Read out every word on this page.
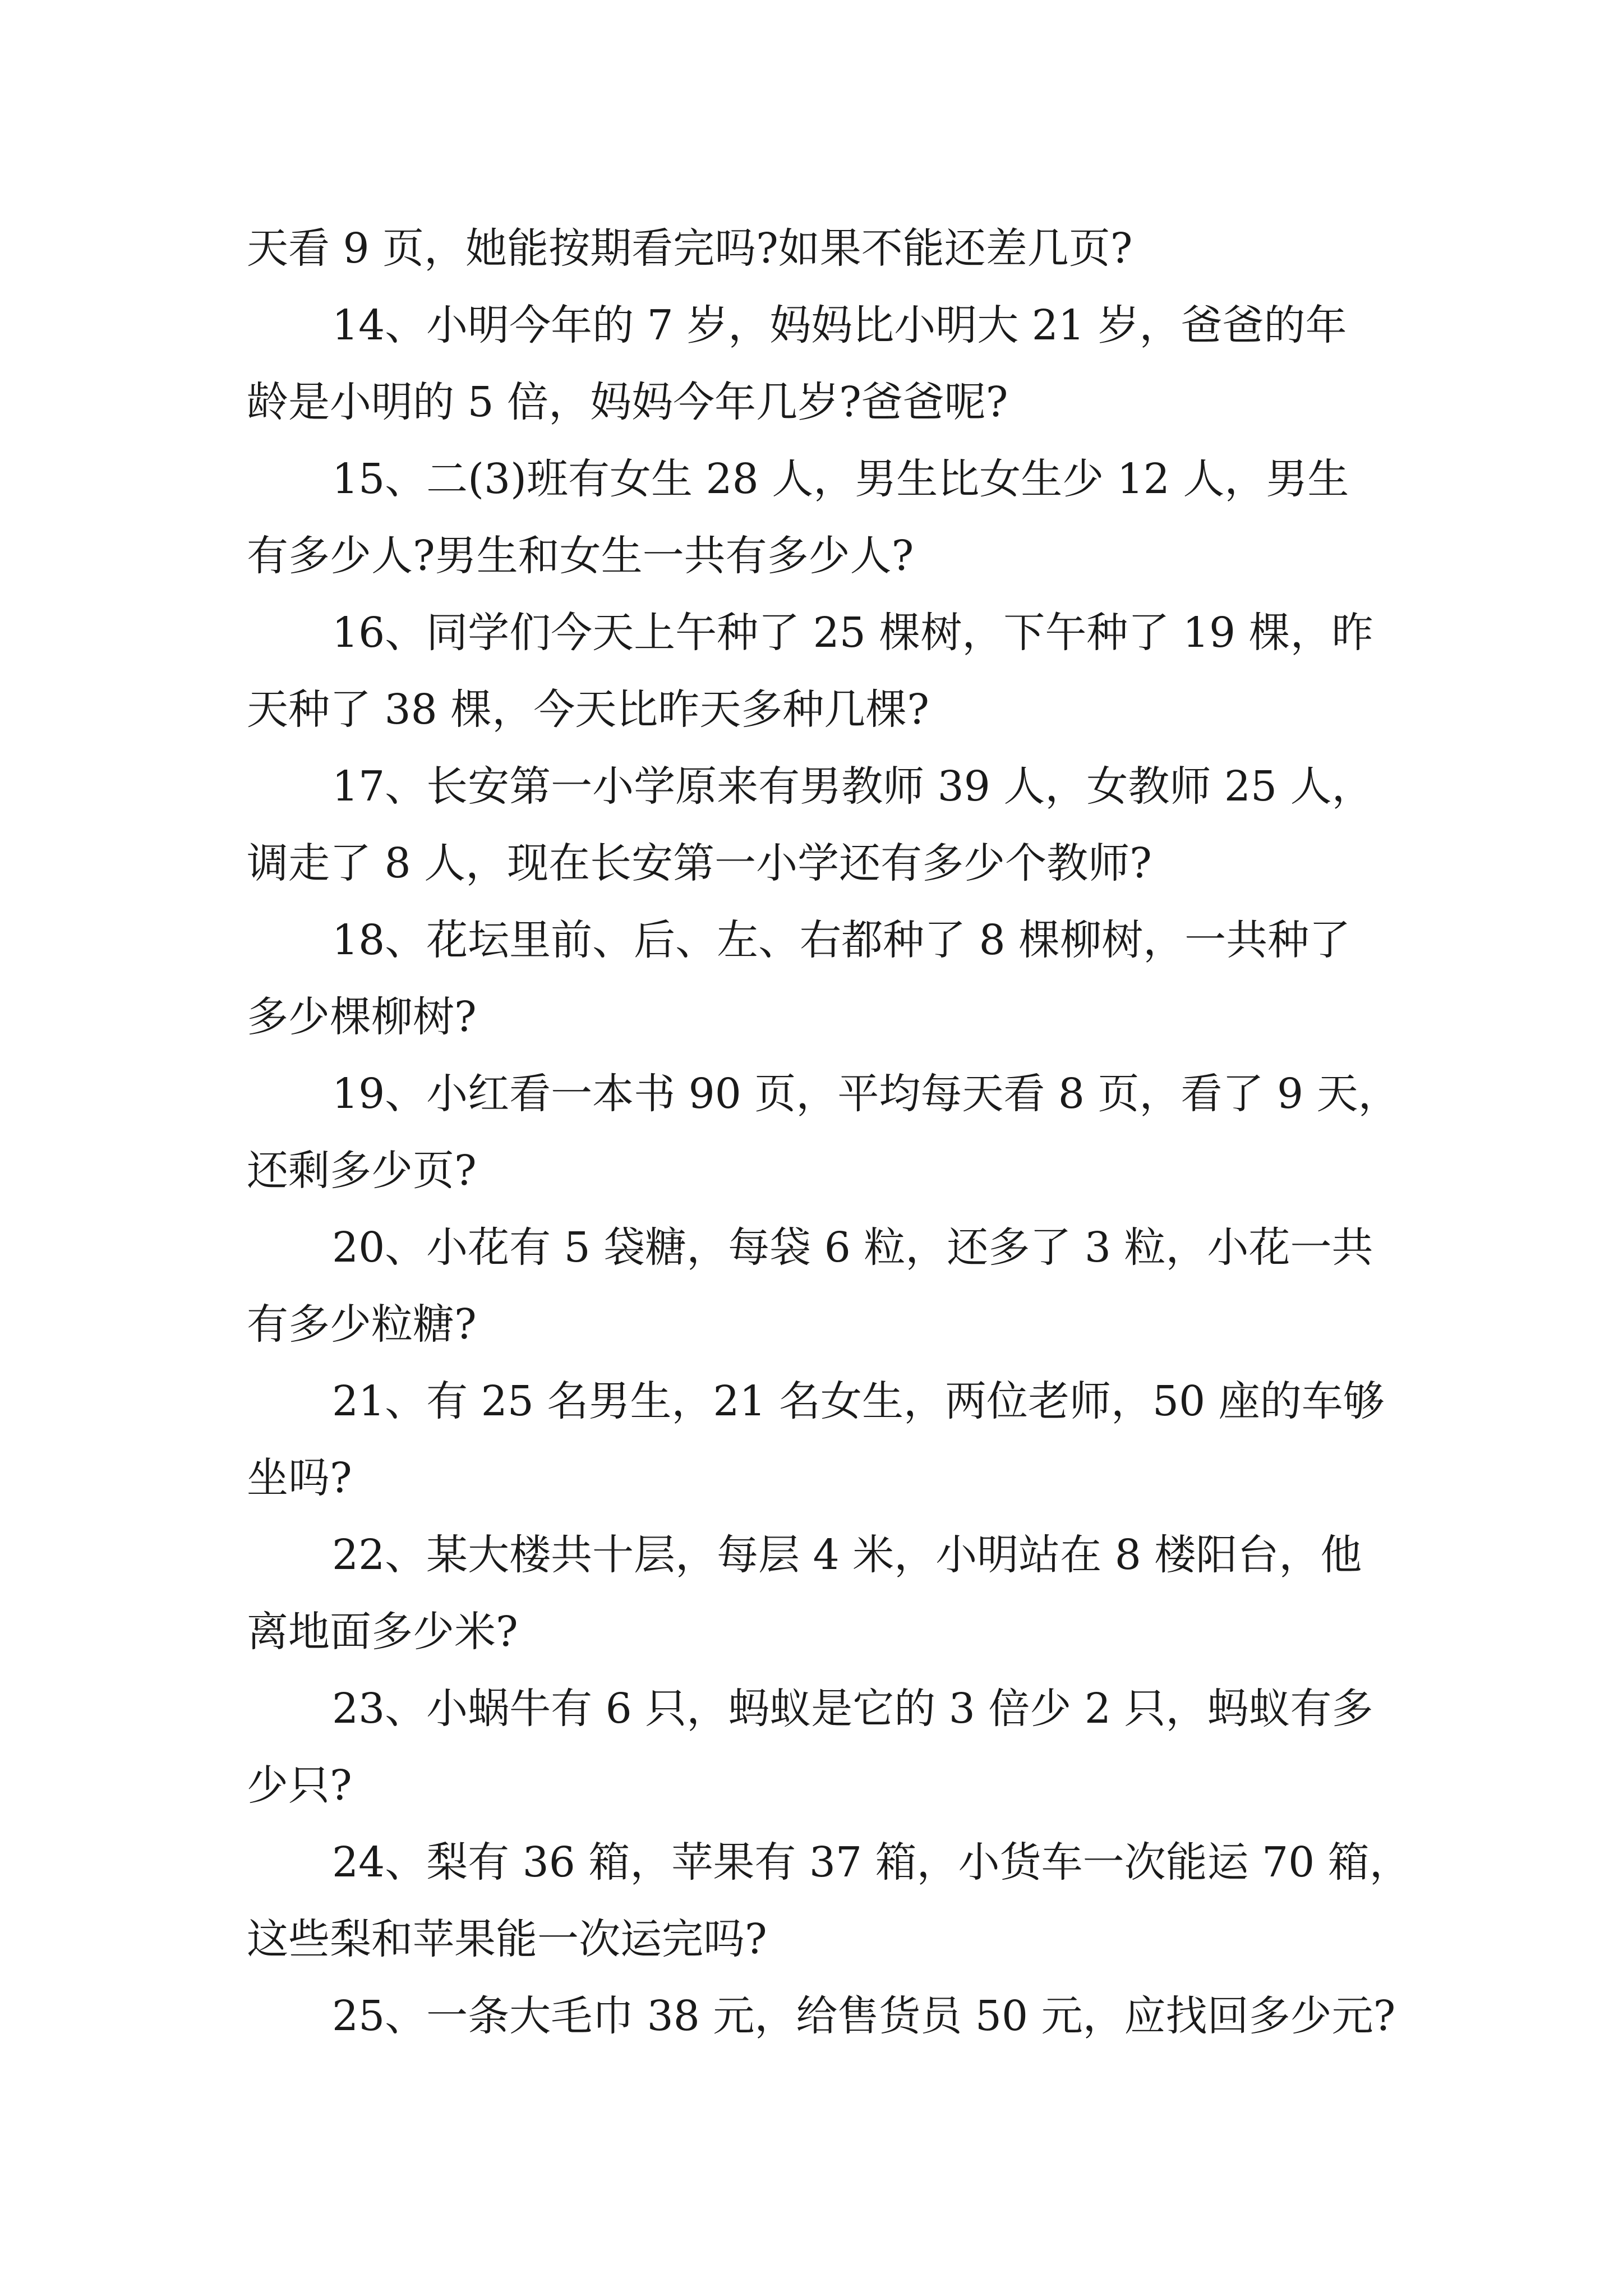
天看 9 页，她能按期看完吗?如果不能还差几页?
14、小明今年的 7 岁，妈妈比小明大 21 岁，爸爸的年
龄是小明的 5 倍，妈妈今年几岁?爸爸呢?
15、二(3)班有女生 28 人，男生比女生少 12 人，男生
有多少人?男生和女生一共有多少人?
16、同学们今天上午种了 25 棵树，下午种了 19 棵，昨
天种了 38 棵，今天比昨天多种几棵?
17、长安第一小学原来有男教师 39 人，女教师 25 人，
调走了 8 人，现在长安第一小学还有多少个教师?
18、花坛里前、后、左、右都种了 8 棵柳树，一共种了
多少棵柳树?
19、小红看一本书 90 页，平均每天看 8 页，看了 9 天，
还剩多少页?
20、小花有 5 袋糖，每袋 6 粒，还多了 3 粒，小花一共
有多少粒糖?
21、有 25 名男生，21 名女生，两位老师，50 座的车够
坐吗?
22、某大楼共十层，每层 4 米，小明站在 8 楼阳台，他
离地面多少米?
23、小蜗牛有 6 只，蚂蚁是它的 3 倍少 2 只，蚂蚁有多
少只?
24、梨有 36 箱，苹果有 37 箱，小货车一次能运 70 箱，
这些梨和苹果能一次运完吗?
25、一条大毛巾 38 元，给售货员 50 元，应找回多少元?
